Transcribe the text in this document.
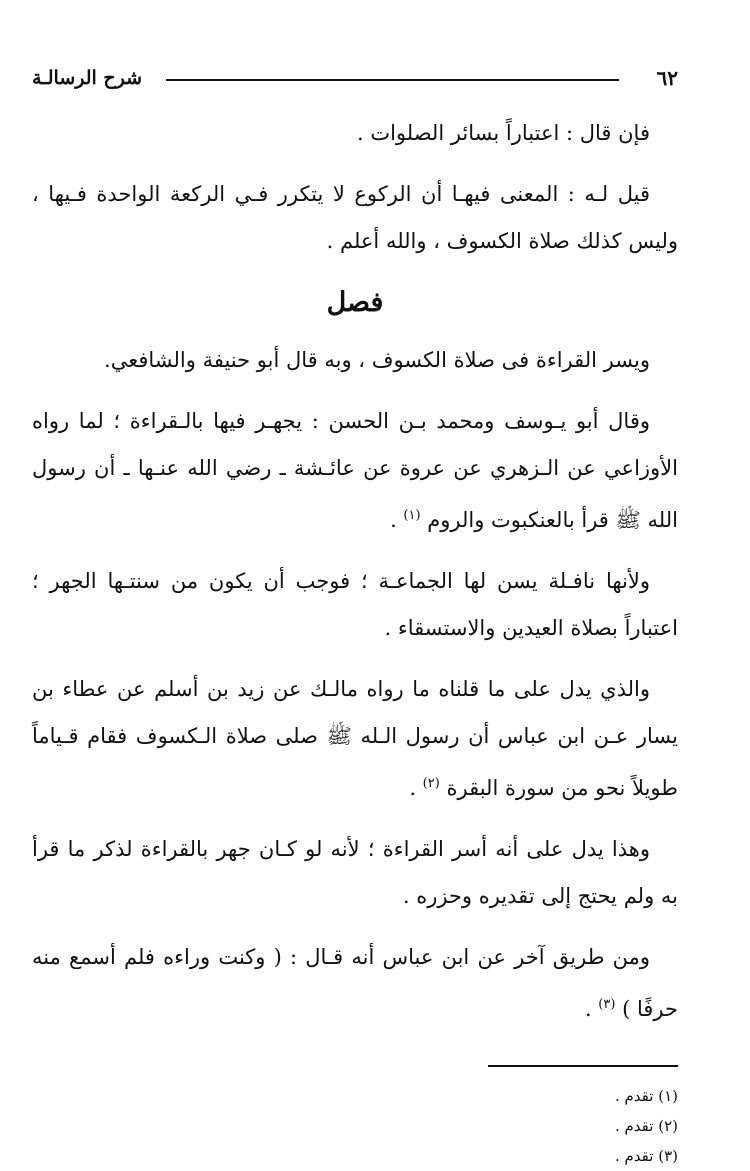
٦٢
شرح الرسالـة

فإن قال : اعتباراً بسائر الصلوات .

قيل لـه : المعنى فيهـا أن الركوع لا يتكرر فـي الركعة الواحدة فـيها ، وليس كذلك صلاة الكسوف ، والله أعلم .

فصل

ويسر القراءة فى صلاة الكسوف ، وبه قال أبو حنيفة والشافعي.

وقال أبو يـوسف ومحمد بـن الحسن : يجهـر فيها بالـقراءة ؛ لما رواه الأوزاعي عن الـزهري عن عروة عن عائـشة ـ رضي الله عنـها ـ أن رسول الله ﷺ قرأ بالعنكبوت والروم $^{(١)}$ .

ولأنها نافـلة يسن لها الجماعـة ؛ فوجب أن يكون من سنتـها الجهر ؛ اعتباراً بصلاة العيدين والاستسقاء .

والذي يدل على ما قلناه ما رواه مالـك عن زيد بن أسلم عن عطاء بن يسار عـن ابن عباس أن رسول الـله ﷺ صلى صلاة الـكسوف فقام قـياماً طويلاً نحو من سورة البقرة $^{(٢)}$ .

وهذا يدل على أنه أسر القراءة ؛ لأنه لو كـان جهر بالقراءة لذكر ما قرأ به ولم يحتج إلى تقديره وحزره .

ومن طريق آخر عن ابن عباس أنه قـال : ( وكنت وراءه فلم أسمع منه حرفًا ) $^{(٣)}$ .

(١) تقدم .

(٢) تقدم .

(٣) تقدم .
